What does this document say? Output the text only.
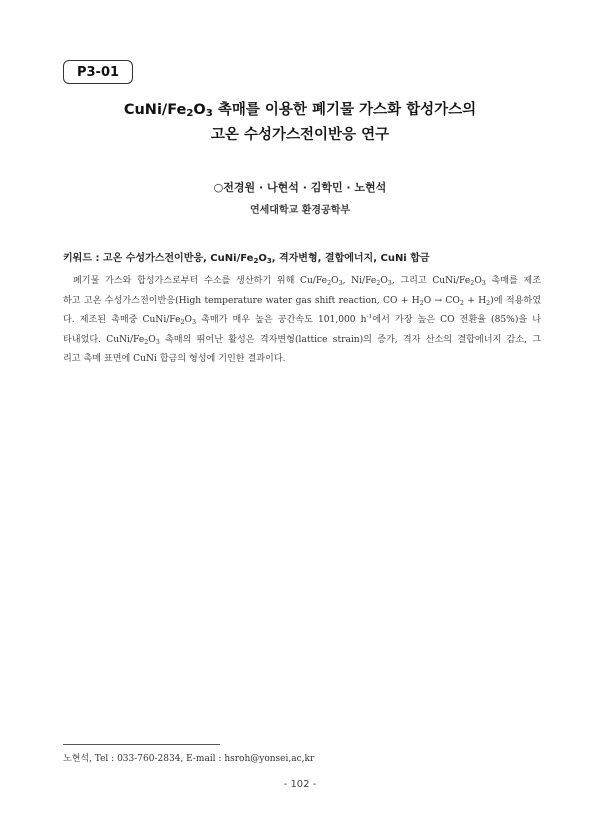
P3-01
CuNi/$Fe_2O_3$ 촉매를 이용한 폐기물 가스화 합성가스의
고온 수성가스전이반응 연구
○전경원 · 나현석 · 김학민 · 노현석
연세대학교 환경공학부
키워드 : 고온 수성가스전이반응, CuNi/$Fe_2O_3$, 격자변형, 결합에너지, CuNi 합금
폐기물 가스와 합성가스로부터 수소를 생산하기 위해 $Cu/Fe_2O_3$, $Ni/Fe_2O_3$, 그리고 CuNi/$Fe_2O_3$ 촉매를 제조
하고 고온 수성가스전이반응(High temperature water gas shift reaction, CO + $H_2O \to CO_2 + H_2$)에 적용하였
다. 제조된 촉매중 CuNi/$Fe_2O_3$ 촉매가 매우 높은 공간속도 101,000 $h^{-1}$에서 가장 높은 CO 전환율 (85%)을 나
타내었다. CuNi/$Fe_2O_3$ 촉매의 뛰어난 활성은 격자변형(lattice strain)의 증가, 격자 산소의 결합에너지 감소, 그
리고 촉매 표면에 CuNi 합금의 형성에 기인한 결과이다.
노현석, Tel : 033-760-2834, E-mail : hsroh@yonsei,ac,kr
- 102 -
